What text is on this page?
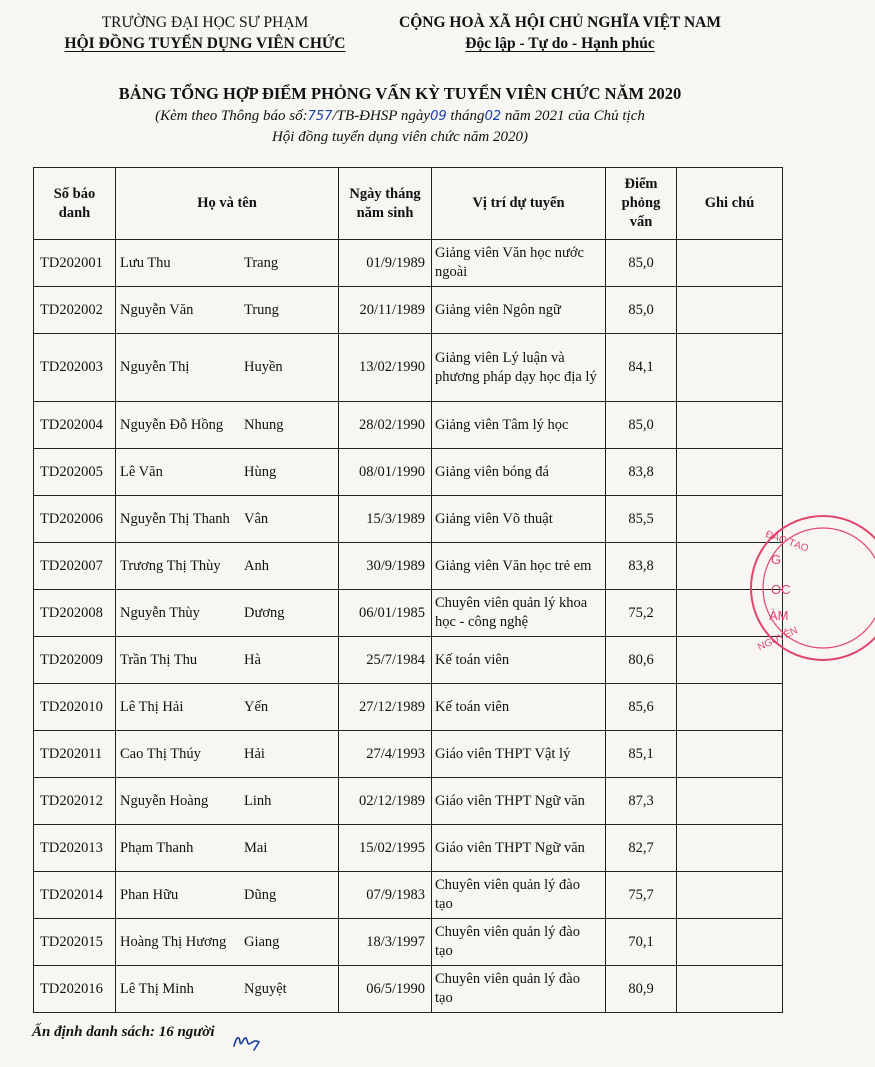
TRƯỜNG ĐẠI HỌC SƯ PHẠM
HỘI ĐỒNG TUYỂN DỤNG VIÊN CHỨC
CỘNG HOÀ XÃ HỘI CHỦ NGHĨA VIỆT NAM
Độc lập - Tự do - Hạnh phúc
BẢNG TỔNG HỢP ĐIỂM PHỎNG VẤN KỲ TUYỂN VIÊN CHỨC NĂM 2020
(Kèm theo Thông báo số:757/TB-ĐHSP ngày09 tháng02 năm 2021 của Chủ tịch
Hội đồng tuyển dụng viên chức năm 2020)
Số báo danh	Họ và tên	Ngày tháng năm sinh	Vị trí dự tuyển	Điểm phỏng vấn	Ghi chú
TD202001	Lưu Thu Trang	01/9/1989	Giảng viên Văn học nước ngoài	85,0	
TD202002	Nguyễn Văn Trung	20/11/1989	Giảng viên Ngôn ngữ	85,0	
TD202003	Nguyễn Thị Huyền	13/02/1990	Giảng viên Lý luận và phương pháp dạy học địa lý	84,1	
TD202004	Nguyễn Đỗ Hồng Nhung	28/02/1990	Giảng viên Tâm lý học	85,0	
TD202005	Lê Văn Hùng	08/01/1990	Giảng viên bóng đá	83,8	
TD202006	Nguyễn Thị Thanh Vân	15/3/1989	Giảng viên Võ thuật	85,5	
TD202007	Trương Thị Thùy Anh	30/9/1989	Giảng viên Văn học trẻ em	83,8	
TD202008	Nguyễn Thùy Dương	06/01/1985	Chuyên viên quản lý khoa học - công nghệ	75,2	
TD202009	Trần Thị Thu Hà	25/7/1984	Kế toán viên	80,6	
TD202010	Lê Thị Hải Yến	27/12/1989	Kế toán viên	85,6	
TD202011	Cao Thị Thúy Hải	27/4/1993	Giáo viên THPT Vật lý	85,1	
TD202012	Nguyễn Hoàng Linh	02/12/1989	Giáo viên THPT Ngữ văn	87,3	
TD202013	Phạm Thanh Mai	15/02/1995	Giáo viên THPT Ngữ văn	82,7	
TD202014	Phan Hữu Dũng	07/9/1983	Chuyên viên quản lý đào tạo	75,7	
TD202015	Hoàng Thị Hương Giang	18/3/1997	Chuyên viên quản lý đào tạo	70,1	
TD202016	Lê Thị Minh Nguyệt	06/5/1990	Chuyên viên quản lý đào tạo	80,9	
Ấn định danh sách: 16 người
G
OC
ÀM
ĐÀO TẠO
NGUYÊN
